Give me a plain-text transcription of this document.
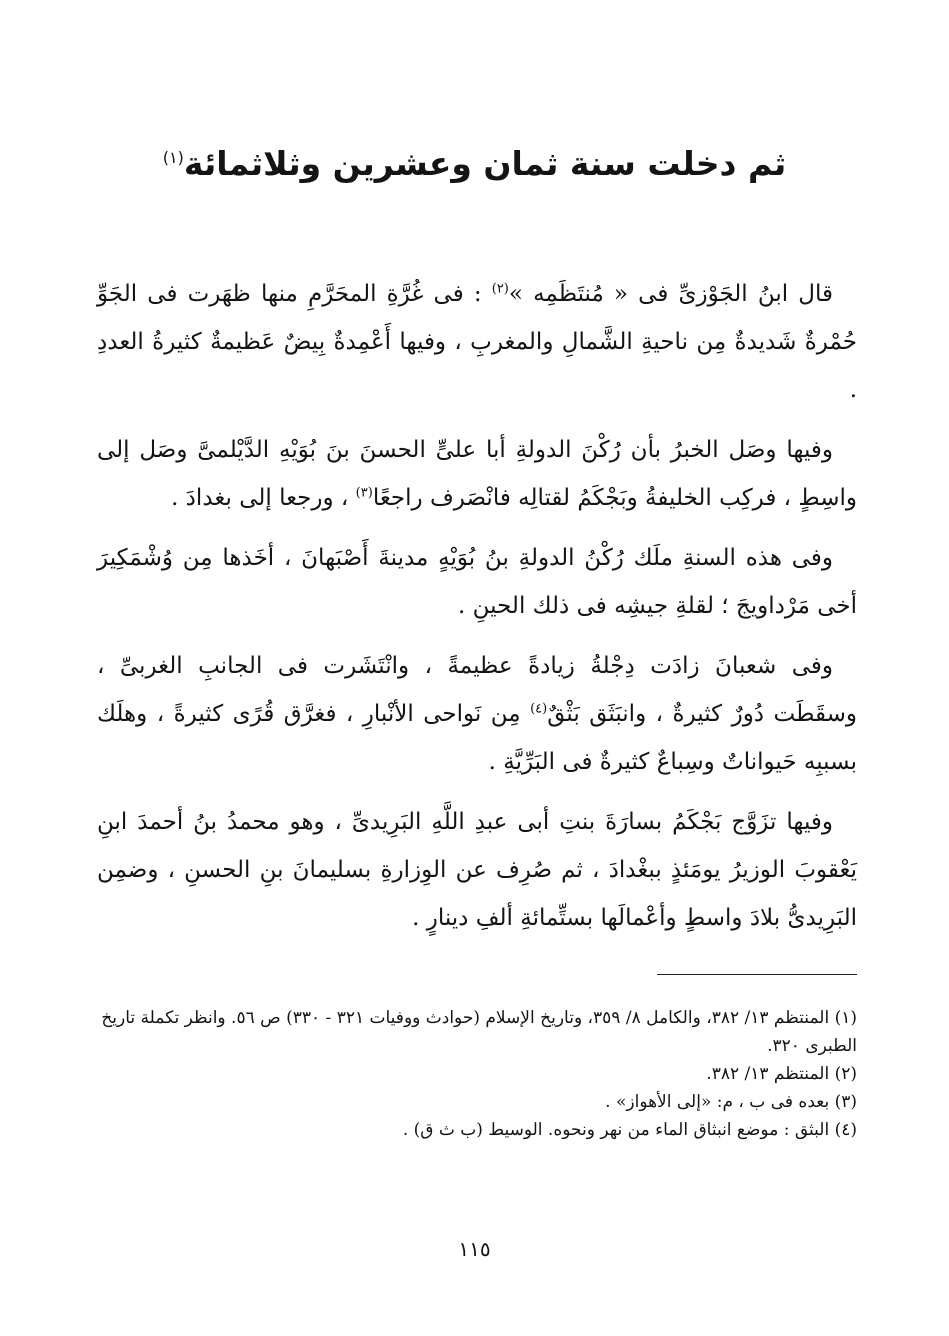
ثم دخلت سنة ثمان وعشرين وثلاثمائة$^{(١)}$

قال ابنُ الجَوْزىِّ فى « مُنتَظَمِه »$^{(٢)}$ : فى غُرَّةِ المحَرَّمِ منها ظهَرت فى الجَوِّ حُمْرةٌ شَديدةٌ مِن ناحيةِ الشَّمالِ والمغربِ ، وفيها أَعْمِدةٌ بِيضٌ عَظيمةٌ كثيرةُ العددِ .

وفيها وصَل الخبرُ بأن رُكْنَ الدولةِ أبا علىٍّ الحسنَ بنَ بُوَيْهِ الدَّيْلمىَّ وصَل إلى واسِطٍ ، فركِب الخليفةُ وبَجْكَمُ لقتالِه فانْصَرف راجعًا$^{(٣)}$ ، ورجعا إلى بغدادَ .

وفى هذه السنةِ ملَك رُكْنُ الدولةِ بنُ بُوَيْهٍ مدينةَ أَصْبَهانَ ، أخَذها مِن وُشْمَكِيرَ أخى مَرْداويجَ ؛ لقلةِ جيشِه فى ذلك الحينِ .

وفى شعبانَ زادَت دِجْلةُ زيادةً عظيمةً ، وانْتَشَرت فى الجانبِ الغربىِّ ، وسقَطَت دُورٌ كثيرةٌ ، وانبَثَق بَثْقٌ$^{(٤)}$ مِن نَواحى الأنْبارِ ، فغرَّق قُرًى كثيرةً ، وهلَك بسببِه حَيواناتٌ وسِباعٌ كثيرةٌ فى البَرِّيَّةِ .

وفيها تزَوَّج بَجْكَمُ بسارَةَ بنتِ أبى عبدِ اللَّهِ البَرِيدىِّ ، وهو محمدُ بنُ أحمدَ ابنِ يَعْقوبَ الوزيرُ يومَئذٍ ببغْدادَ ، ثم صُرِف عن الوِزارةِ بسليمانَ بنِ الحسنِ ، وضمِن البَرِيدىُّ بلادَ واسطٍ وأعْمالَها بستِّمائةِ ألفِ دينارٍ .

(١) المنتظم ١٣/ ٣٨٢، والكامل ٨/ ٣٥٩، وتاريخ الإسلام (حوادث ووفيات ٣٢١ - ٣٣٠) ص ٥٦. وانظر تكملة تاريخ الطبرى ٣٢٠.

(٢) المنتظم ١٣/ ٣٨٢.

(٣) بعده فى ب ، م: «إلى الأهواز» .

(٤) البثق : موضع انبثاق الماء من نهر ونحوه. الوسيط (ب ث ق) .

١١٥
